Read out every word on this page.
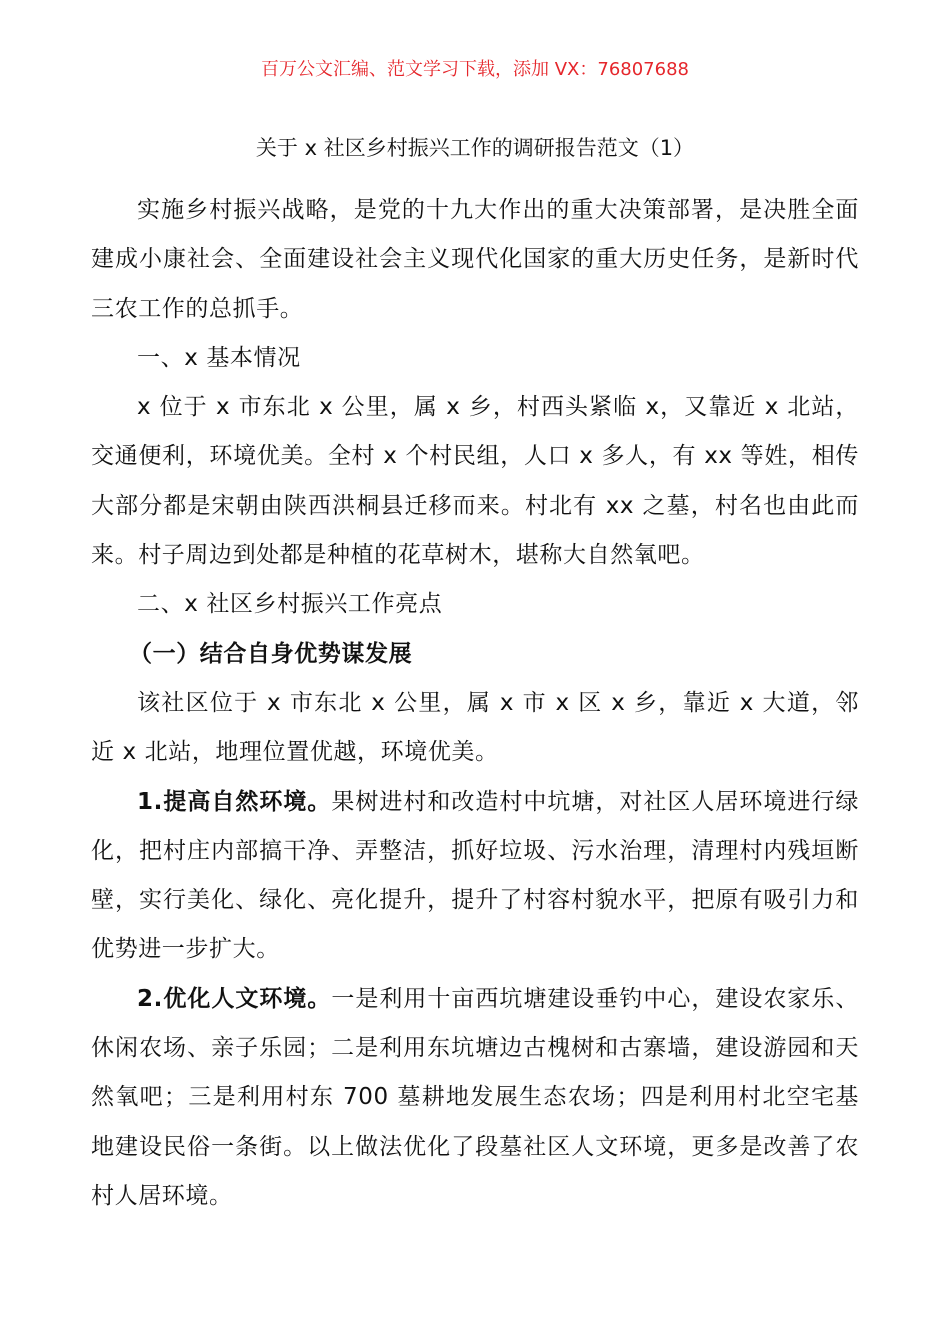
百万公文汇编、范文学习下载，添加 VX：76807688
关于 x 社区乡村振兴工作的调研报告范文（1）

实施乡村振兴战略，是党的十九大作出的重大决策部署，是决胜全面建成小康社会、全面建设社会主义现代化国家的重大历史任务，是新时代三农工作的总抓手。

一、x 基本情况

x 位于 x 市东北 x 公里，属 x 乡，村西头紧临 x，又靠近 x 北站，交通便利，环境优美。全村 x 个村民组，人口 x 多人，有 xx 等姓，相传大部分都是宋朝由陕西洪桐县迁移而来。村北有 xx 之墓，村名也由此而来。村子周边到处都是种植的花草树木，堪称大自然氧吧。

二、x 社区乡村振兴工作亮点

（一）结合自身优势谋发展

该社区位于 x 市东北 x 公里，属 x 市 x 区 x 乡，靠近 x 大道，邻近 x 北站，地理位置优越，环境优美。

1.提高自然环境。果树进村和改造村中坑塘，对社区人居环境进行绿化，把村庄内部搞干净、弄整洁，抓好垃圾、污水治理，清理村内残垣断壁，实行美化、绿化、亮化提升，提升了村容村貌水平，把原有吸引力和优势进一步扩大。

2.优化人文环境。一是利用十亩西坑塘建设垂钓中心，建设农家乐、休闲农场、亲子乐园；二是利用东坑塘边古槐树和古寨墙，建设游园和天然氧吧；三是利用村东 700 墓耕地发展生态农场；四是利用村北空宅基地建设民俗一条街。以上做法优化了段墓社区人文环境，更多是改善了农村人居环境。
